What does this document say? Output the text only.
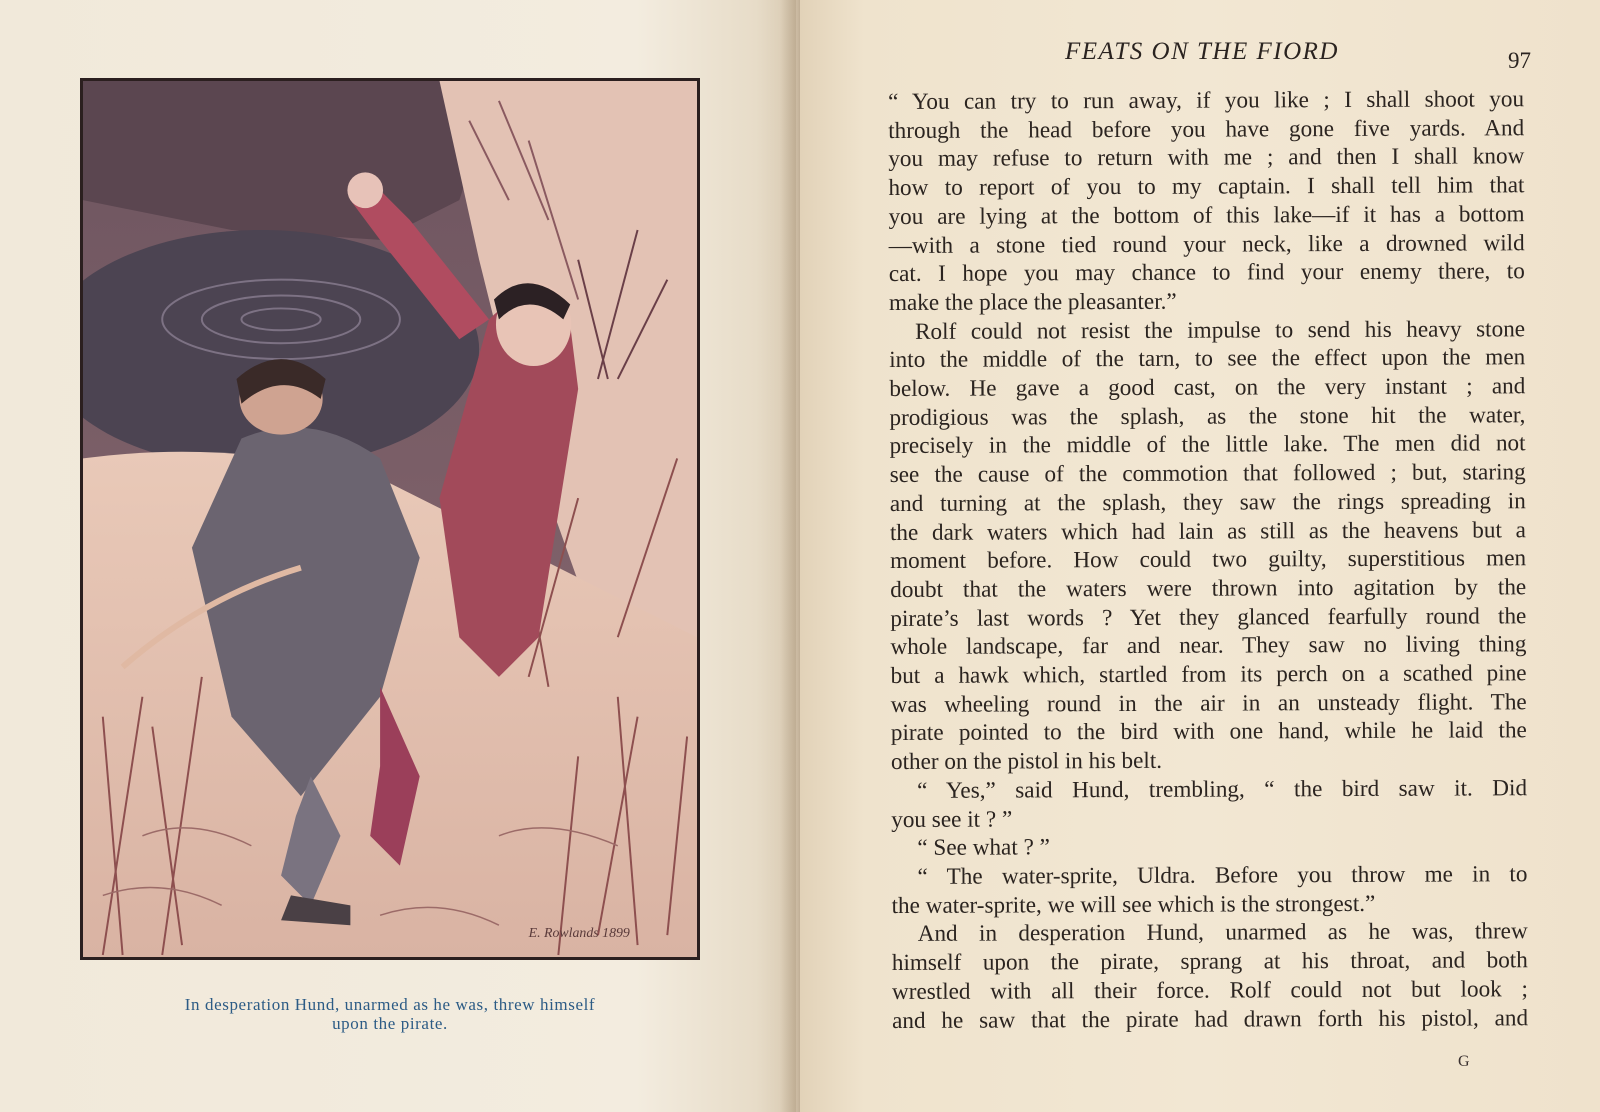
E. Rowlands 1899
In desperation Hund, unarmed as he was, threw himself
upon the pirate.
FEATS ON THE FIORD	97
“ You can try to run away, if you like ; I shall shoot you
through the head before you have gone five yards. And
you may refuse to return with me ; and then I shall know
how to report of you to my captain. I shall tell him that
you are lying at the bottom of this lake—if it has a bottom
—with a stone tied round your neck, like a drowned wild
cat. I hope you may chance to find your enemy there, to
make the place the pleasanter.”
Rolf could not resist the impulse to send his heavy stone
into the middle of the tarn, to see the effect upon the men
below. He gave a good cast, on the very instant ; and
prodigious was the splash, as the stone hit the water,
precisely in the middle of the little lake. The men did not
see the cause of the commotion that followed ; but, staring
and turning at the splash, they saw the rings spreading in
the dark waters which had lain as still as the heavens but a
moment before. How could two guilty, superstitious men
doubt that the waters were thrown into agitation by the
pirate’s last words ? Yet they glanced fearfully round the
whole landscape, far and near. They saw no living thing
but a hawk which, startled from its perch on a scathed pine
was wheeling round in the air in an unsteady flight. The
pirate pointed to the bird with one hand, while he laid the
other on the pistol in his belt.
“ Yes,” said Hund, trembling, “ the bird saw it. Did
you see it ? ”
“ See what ? ”
“ The water-sprite, Uldra. Before you throw me in to
the water-sprite, we will see which is the strongest.”
And in desperation Hund, unarmed as he was, threw
himself upon the pirate, sprang at his throat, and both
wrestled with all their force. Rolf could not but look ;
and he saw that the pirate had drawn forth his pistol, and
G
